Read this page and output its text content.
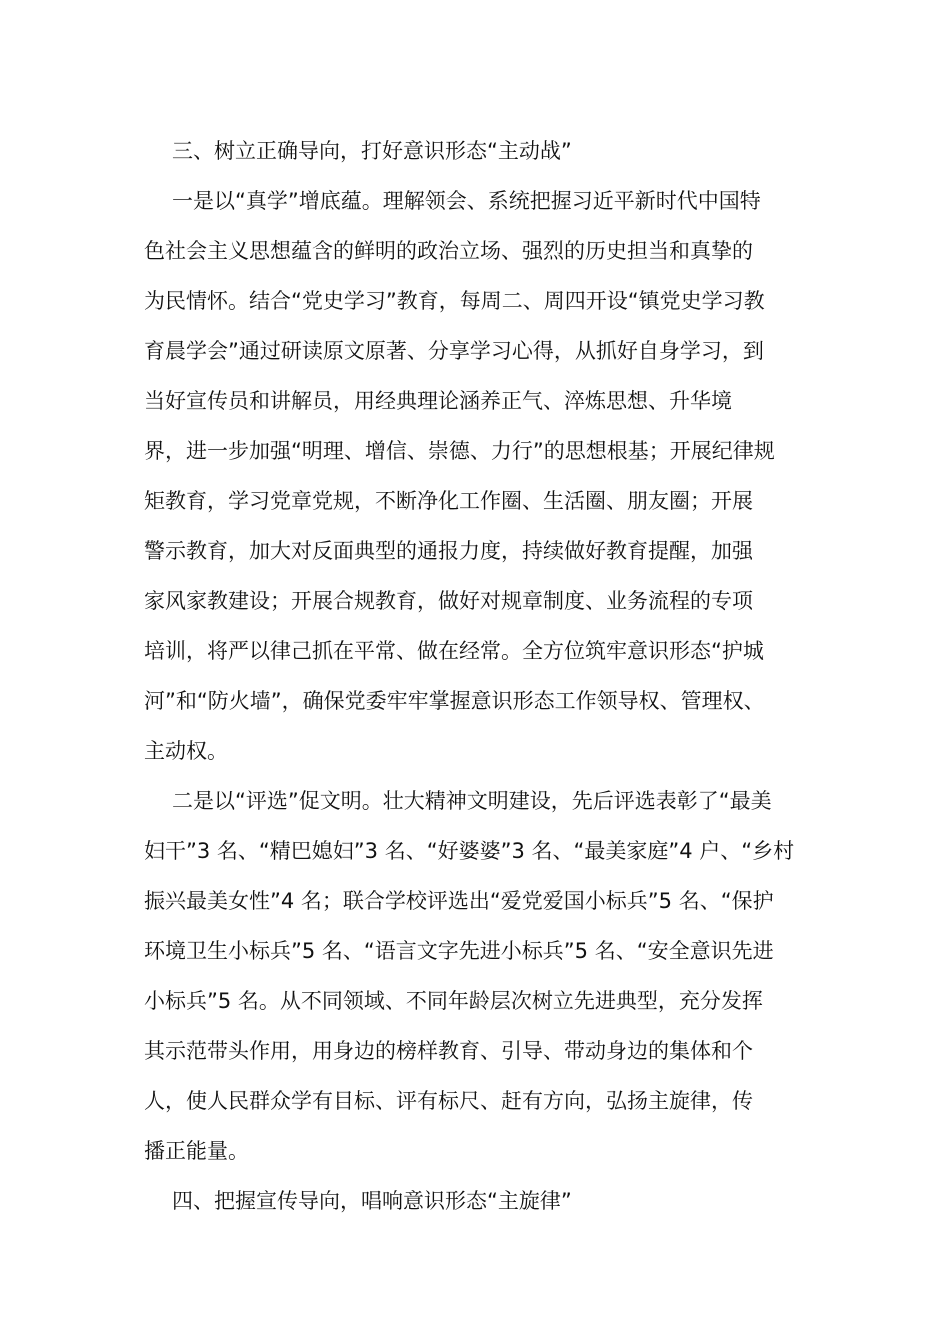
三、树立正确导向，打好意识形态“主动战”
一是以“真学”增底蕴。理解领会、系统把握习近平新时代中国特
色社会主义思想蕴含的鲜明的政治立场、强烈的历史担当和真挚的
为民情怀。结合“党史学习”教育，每周二、周四开设“镇党史学习教
育晨学会”通过研读原文原著、分享学习心得，从抓好自身学习，到
当好宣传员和讲解员，用经典理论涵养正气、淬炼思想、升华境
界，进一步加强“明理、增信、崇德、力行”的思想根基；开展纪律规
矩教育，学习党章党规，不断净化工作圈、生活圈、朋友圈；开展
警示教育，加大对反面典型的通报力度，持续做好教育提醒，加强
家风家教建设；开展合规教育，做好对规章制度、业务流程的专项
培训，将严以律己抓在平常、做在经常。全方位筑牢意识形态“护城
河”和“防火墙”，确保党委牢牢掌握意识形态工作领导权、管理权、
主动权。
二是以“评选”促文明。壮大精神文明建设，先后评选表彰了“最美
妇干”3 名、“精巴媳妇”3 名、“好婆婆”3 名、“最美家庭”4 户、“乡村
振兴最美女性”4 名；联合学校评选出“爱党爱国小标兵”5 名、“保护
环境卫生小标兵”5 名、“语言文字先进小标兵”5 名、“安全意识先进
小标兵”5 名。从不同领域、不同年龄层次树立先进典型，充分发挥
其示范带头作用，用身边的榜样教育、引导、带动身边的集体和个
人，使人民群众学有目标、评有标尺、赶有方向，弘扬主旋律，传
播正能量。
四、把握宣传导向，唱响意识形态“主旋律”
